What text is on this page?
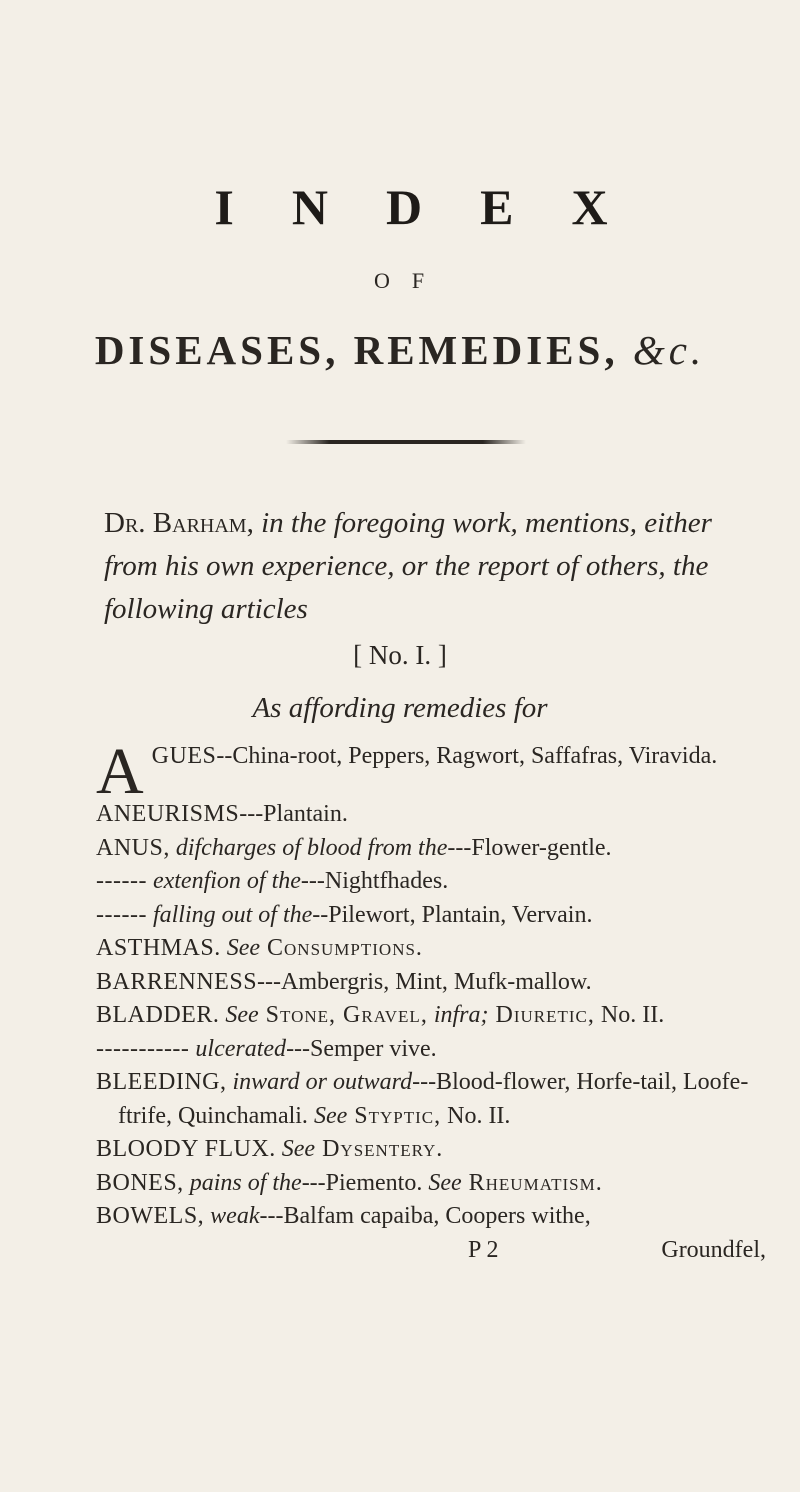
INDEX
OF
DISEASES, REMEDIES, &c.
Dr. Barham, in the foregoing work, mentions, either from his own experience, or the report of others, the following articles
[ No. I. ]
As affording remedies for

AGUES--China-root, Peppers, Ragwort, Saffafras, Viravida.

ANEURISMS---Plantain.

ANUS, difcharges of blood from the---Flower-gentle.

------ extenfion of the---Nightfhades.

------ falling out of the--Pilewort, Plantain, Vervain.

ASTHMAS. See Consumptions.

BARRENNESS---Ambergris, Mint, Mufk-mallow.

BLADDER. See Stone, Gravel, infra; Diuretic, No. II.

----------- ulcerated---Semper vive.

BLEEDING, inward or outward---Blood-flower, Horfe-tail, Loofe-ftrife, Quinchamali. See Styptic, No. II.

BLOODY FLUX. See Dysentery.

BONES, pains of the---Piemento. See Rheumatism.

BOWELS, weak---Balfam capaiba, Coopers withe,

P 2	Groundfel,
